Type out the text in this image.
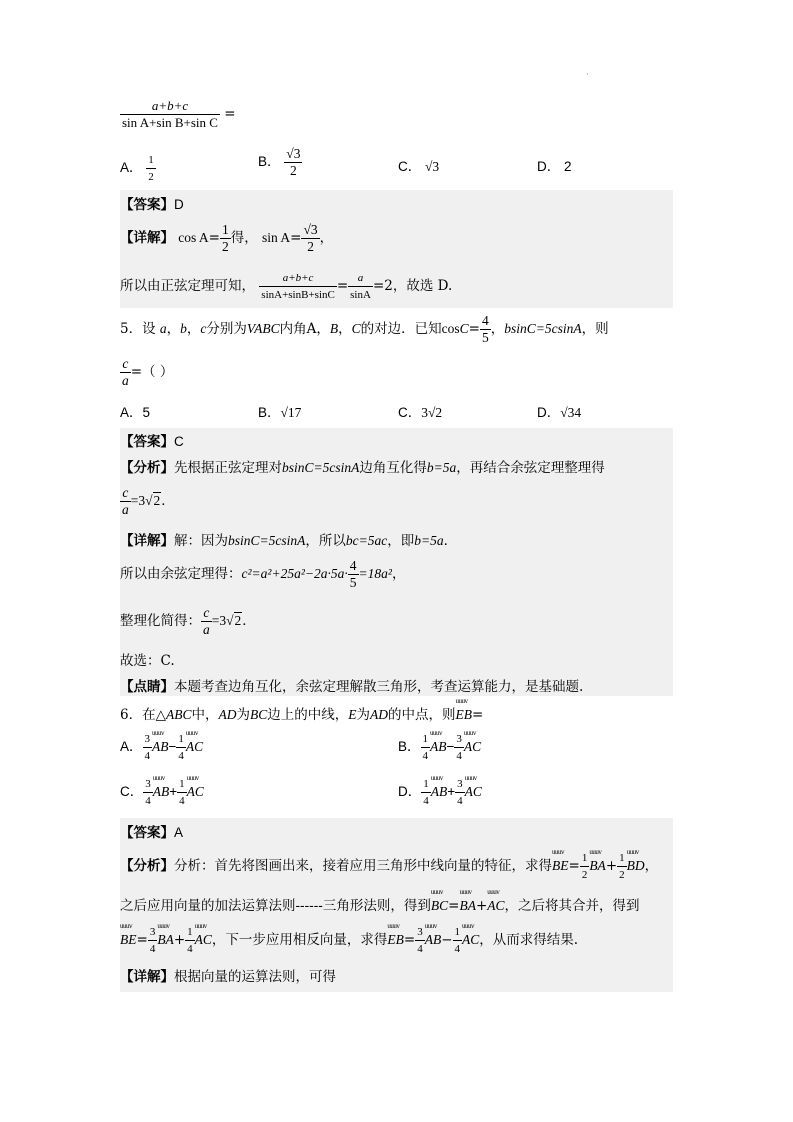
·
$\frac{a+b+c}{\text{sin A+sin B+sin C}}$ =
A． $\frac{1}{2}$	B． $\frac{√3}{2}$	C． √3	D． 2
【答案】D
【详解】 $\cos A= \frac{1}{2}$ 得， $\sin A= \frac{√3}{2}$ ，
所以由正弦定理可知， $\frac{a+b+c}{\sin A+\sin B+\sin C} = \frac{a}{\sin A} =2$，故选 D.
5．设 a，b，c分别为VABC内角A，B，C的对边．已知$\cos C= \frac{4}{5}$ ，bsinC=5csinA，则
$\frac{c}{a}$ =（ ）
A．5	B．√17	C．3√2	D．√34
【答案】C
【分析】先根据正弦定理对bsinC=5csinA边角互化得b=5a，再结合余弦定理整理得
$\frac{c}{a} =3√2$．
【详解】解：因为bsinC=5csinA，所以bc=5ac，即b=5a．
所以由余弦定理得：$c^2=a^2+25a^2-2a\cdot 5a\cdot \frac{4}{5} =18a^2$，
整理化简得： $\frac{c}{a} =3√2$．
故选：C.
【点睛】本题考查边角互化，余弦定理解散三角形，考查运算能力，是基础题.
6．在△ABC中，AD为BC边上的中线，E为AD的中点，则uuuv EB=
A． $\frac{3}{4}$ uuuv $AB- \frac{1}{4}$ uuuv AC	B． $\frac{1}{4}$ uuuv $AB- \frac{3}{4}$ uuuv AC
C． $\frac{3}{4}$ uuuv $AB+ \frac{1}{4}$ uuuv AC	D． $\frac{1}{4}$ uuuv $AB+ \frac{3}{4}$ uuuv AC
【答案】A
【分析】分析：首先将图画出来，接着应用三角形中线向量的特征，求得uuuv $BE= \frac{1}{2}$ uuuv $BA+ \frac{1}{2}$ uuuv BD，
之后应用向量的加法运算法则------三角形法则，得到uuuv BC=uuuv BA+uuuv AC，之后将其合并，得到
uuuv $BE= \frac{3}{4}$ uuuv $BA+ \frac{1}{4}$ uuuv AC，下一步应用相反向量，求得uuuv $EB= \frac{3}{4}$ uuuv $AB- \frac{1}{4}$ uuuv AC，从而求得结果.
【详解】根据向量的运算法则，可得
